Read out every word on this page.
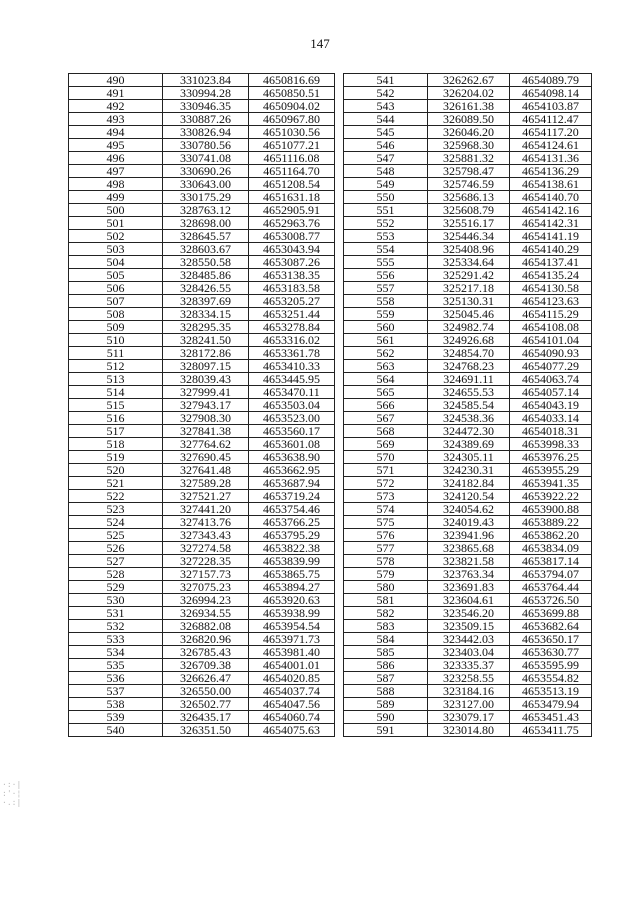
147
490	331023.84	4650816.69
491	330994.28	4650850.51
492	330946.35	4650904.02
493	330887.26	4650967.80
494	330826.94	4651030.56
495	330780.56	4651077.21
496	330741.08	4651116.08
497	330690.26	4651164.70
498	330643.00	4651208.54
499	330175.29	4651631.18
500	328763.12	4652905.91
501	328698.00	4652963.76
502	328645.57	4653008.77
503	328603.67	4653043.94
504	328550.58	4653087.26
505	328485.86	4653138.35
506	328426.55	4653183.58
507	328397.69	4653205.27
508	328334.15	4653251.44
509	328295.35	4653278.84
510	328241.50	4653316.02
511	328172.86	4653361.78
512	328097.15	4653410.33
513	328039.43	4653445.95
514	327999.41	4653470.11
515	327943.17	4653503.04
516	327908.30	4653523.00
517	327841.38	4653560.17
518	327764.62	4653601.08
519	327690.45	4653638.90
520	327641.48	4653662.95
521	327589.28	4653687.94
522	327521.27	4653719.24
523	327441.20	4653754.46
524	327413.76	4653766.25
525	327343.43	4653795.29
526	327274.58	4653822.38
527	327228.35	4653839.99
528	327157.73	4653865.75
529	327075.23	4653894.27
530	326994.23	4653920.63
531	326934.55	4653938.99
532	326882.08	4653954.54
533	326820.96	4653971.73
534	326785.43	4653981.40
535	326709.38	4654001.01
536	326626.47	4654020.85
537	326550.00	4654037.74
538	326502.77	4654047.56
539	326435.17	4654060.74
540	326351.50	4654075.63
541	326262.67	4654089.79
542	326204.02	4654098.14
543	326161.38	4654103.87
544	326089.50	4654112.47
545	326046.20	4654117.20
546	325968.30	4654124.61
547	325881.32	4654131.36
548	325798.47	4654136.29
549	325746.59	4654138.61
550	325686.13	4654140.70
551	325608.79	4654142.16
552	325516.17	4654142.31
553	325446.34	4654141.19
554	325408.96	4654140.29
555	325334.64	4654137.41
556	325291.42	4654135.24
557	325217.18	4654130.58
558	325130.31	4654123.63
559	325045.46	4654115.29
560	324982.74	4654108.08
561	324926.68	4654101.04
562	324854.70	4654090.93
563	324768.23	4654077.29
564	324691.11	4654063.74
565	324655.53	4654057.14
566	324585.54	4654043.19
567	324538.36	4654033.14
568	324472.30	4654018.31
569	324389.69	4653998.33
570	324305.11	4653976.25
571	324230.31	4653955.29
572	324182.84	4653941.35
573	324120.54	4653922.22
574	324054.62	4653900.88
575	324019.43	4653889.22
576	323941.96	4653862.20
577	323865.68	4653834.09
578	323821.58	4653817.14
579	323763.34	4653794.07
580	323691.83	4653764.44
581	323604.61	4653726.50
582	323546.20	4653699.88
583	323509.15	4653682.64
584	323442.03	4653650.17
585	323403.04	4653630.77
586	323335.37	4653595.99
587	323258.55	4653554.82
588	323184.16	4653513.19
589	323127.00	4653479.94
590	323079.17	4653451.43
591	323014.80	4653411.75
·:·|
:'·¦
·.:|
